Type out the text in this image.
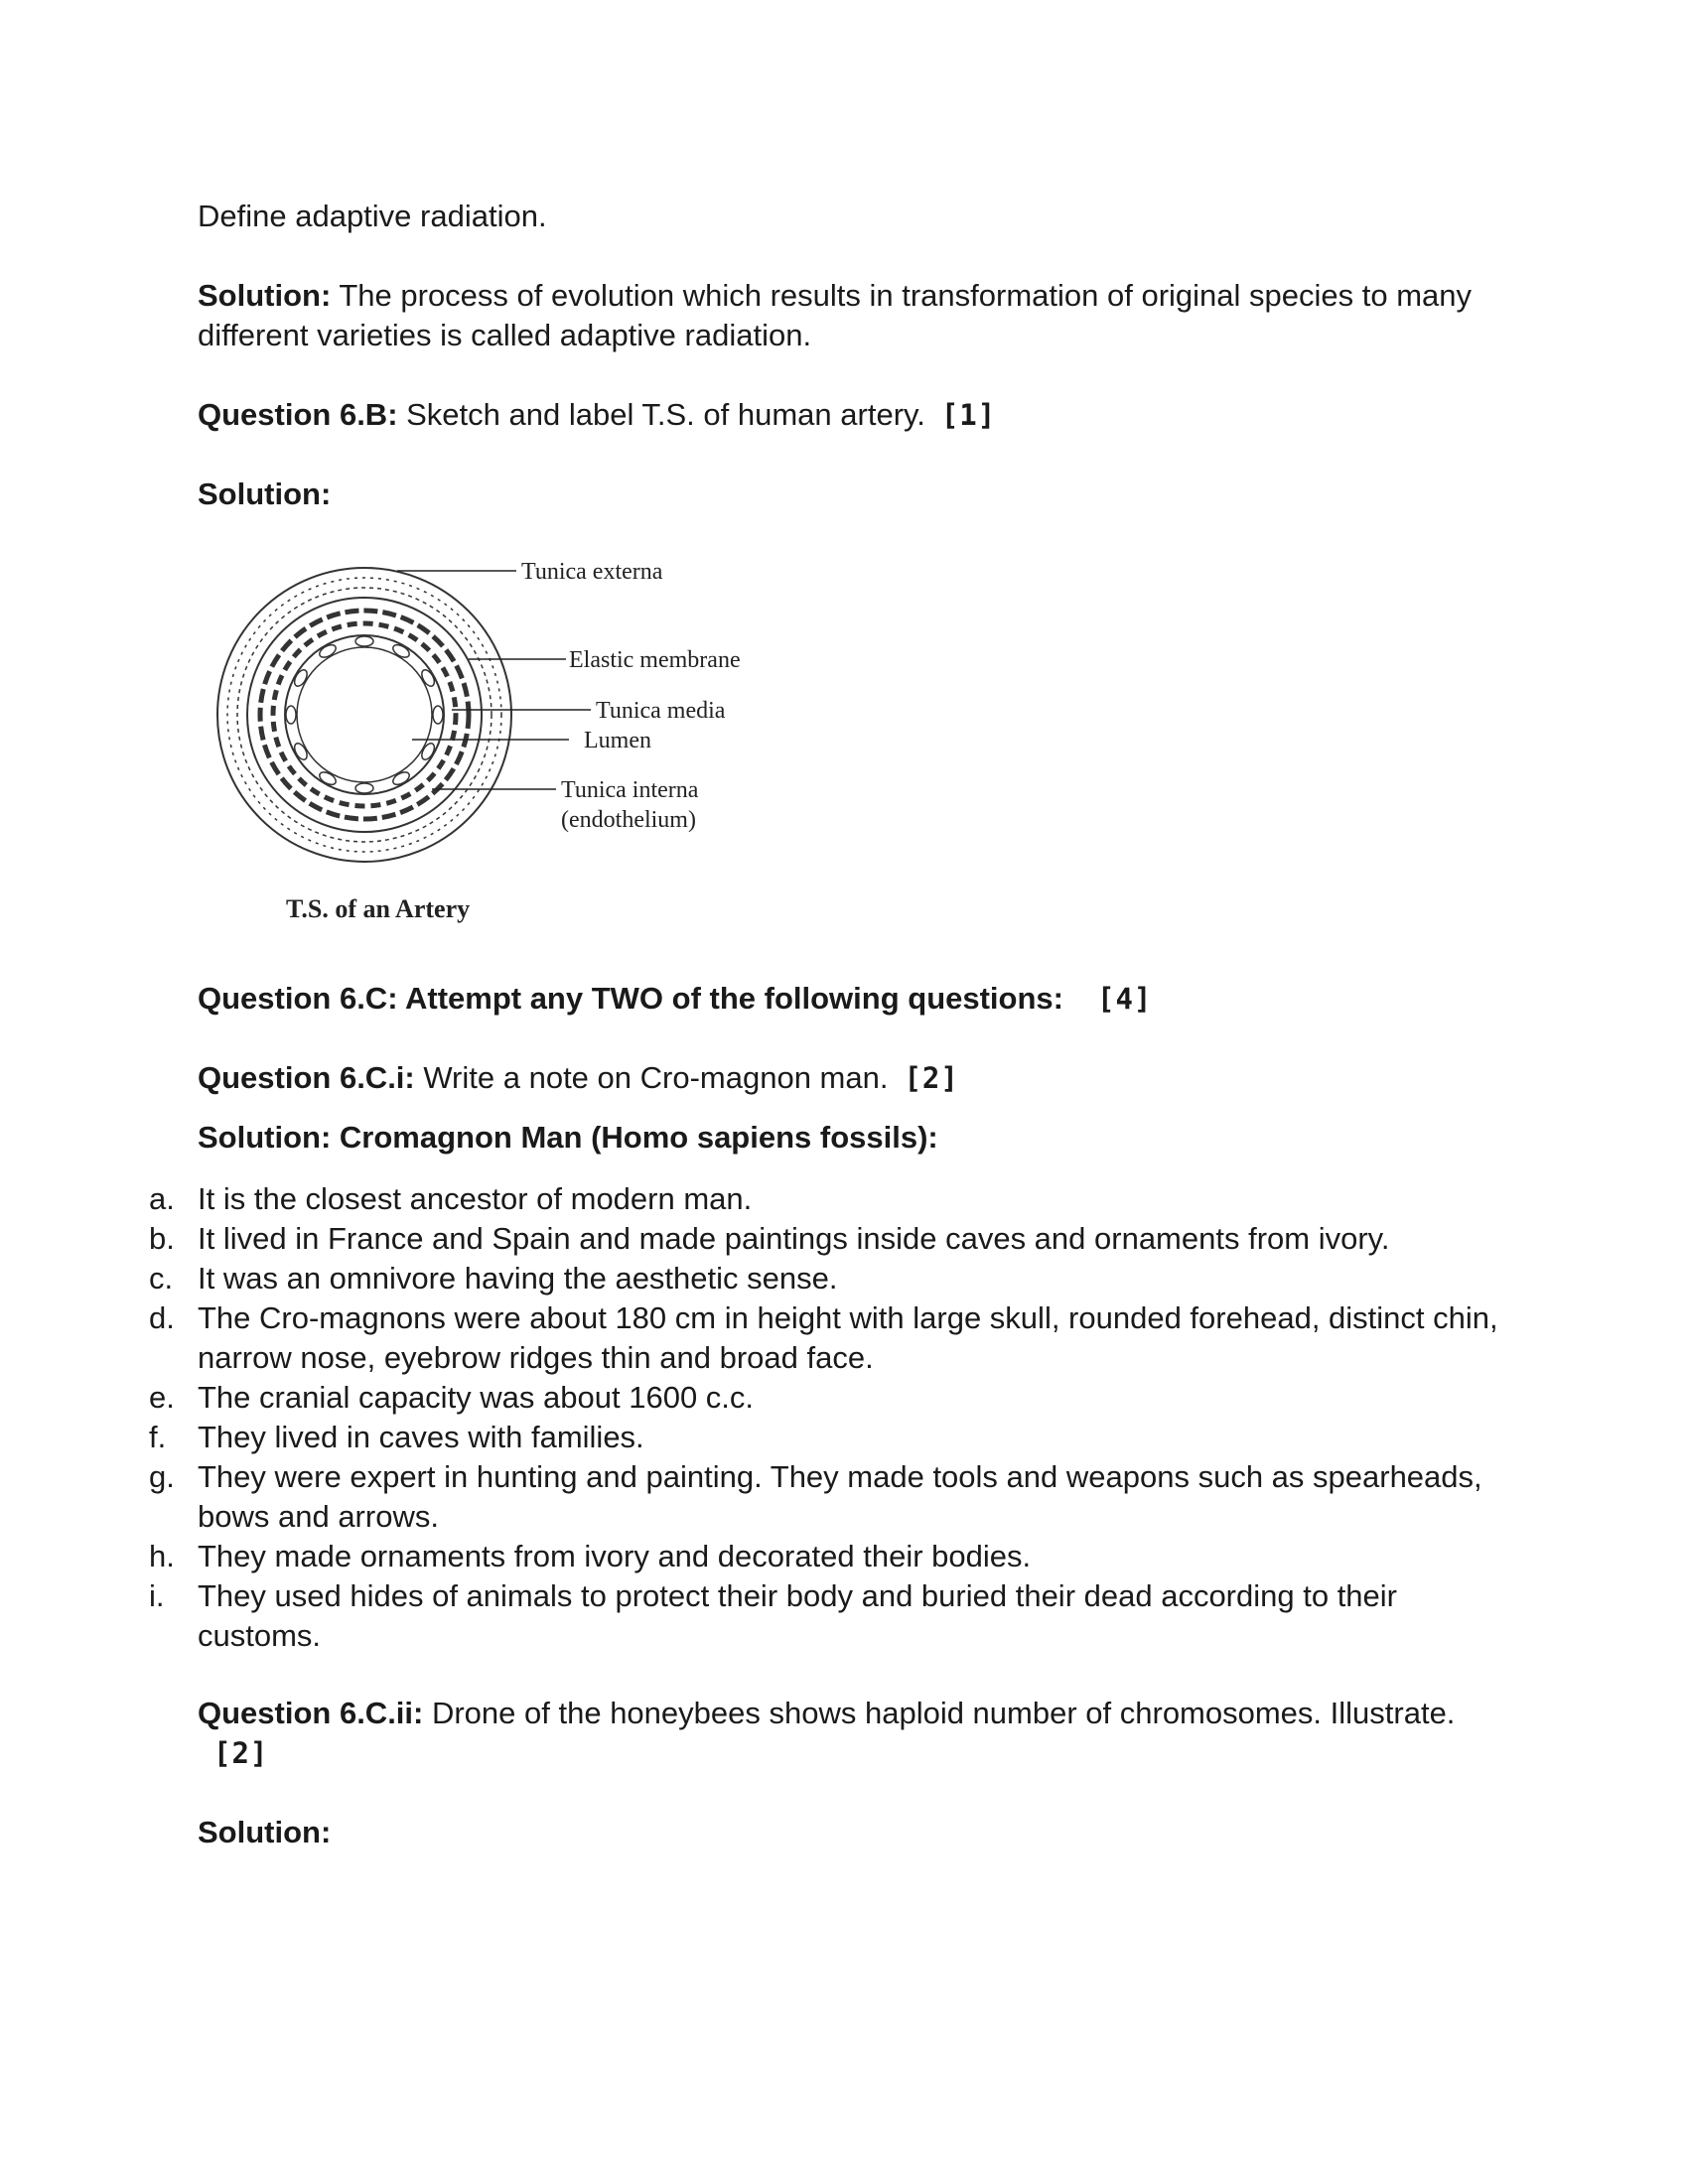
Define adaptive radiation.

Solution: The process of evolution which results in transformation of original species to many different varieties is called adaptive radiation.

Question 6.B: Sketch and label T.S. of human artery. [1]

Solution:

Tunica externa
Elastic membrane
Tunica media
Lumen
Tunica interna
(endothelium)
T.S. of an Artery

Question 6.C: Attempt any TWO of the following questions: [4]

Question 6.C.i: Write a note on Cro-magnon man. [2]

Solution: Cromagnon Man (Homo sapiens fossils):

a. It is the closest ancestor of modern man.
b. It lived in France and Spain and made paintings inside caves and ornaments from ivory.
c. It was an omnivore having the aesthetic sense.
d. The Cro-magnons were about 180 cm in height with large skull, rounded forehead, distinct chin, narrow nose, eyebrow ridges thin and broad face.
e. The cranial capacity was about 1600 c.c.
f.	They lived in caves with families.
g. They were expert in hunting and painting. They made tools and weapons such as spearheads, bows and arrows.
h. They made ornaments from ivory and decorated their bodies.
i.	They used hides of animals to protect their body and buried their dead according to their customs.

Question 6.C.ii: Drone of the honeybees shows haploid number of chromosomes. Illustrate.[2]

Solution:
